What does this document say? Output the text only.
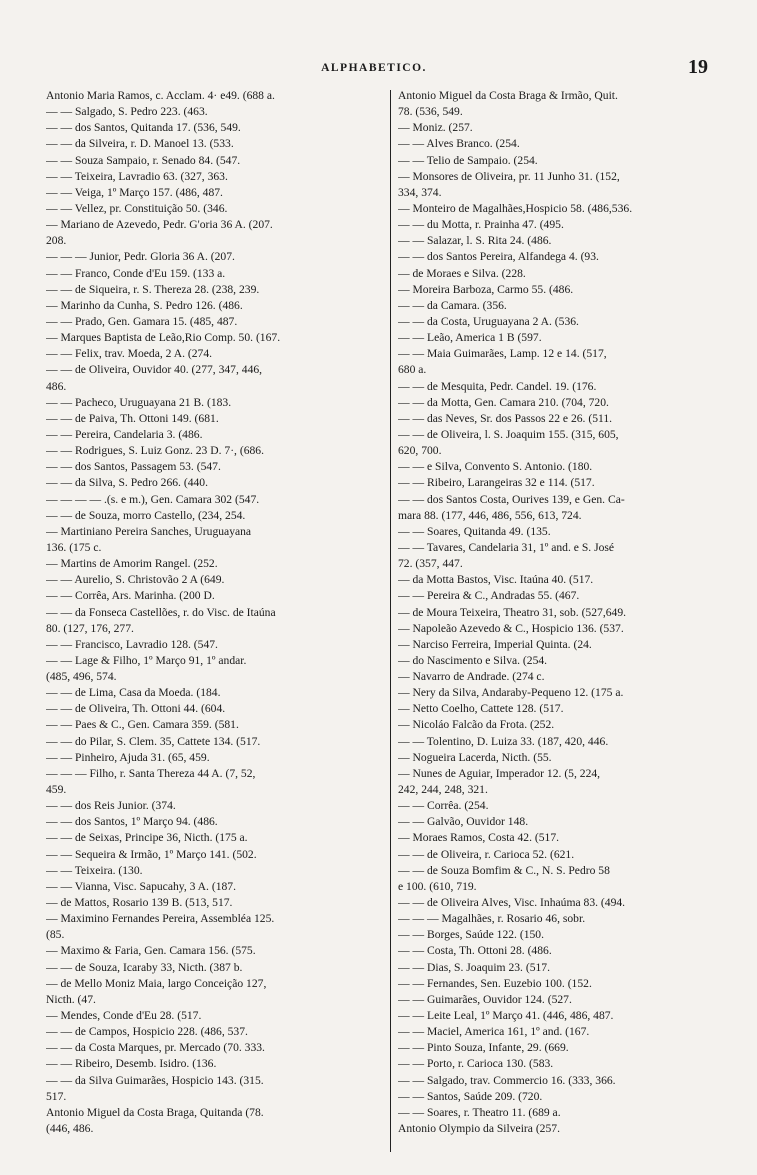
ALPHABETICO.	19
Antonio Maria Ramos, c. Acclam. 4· e49. (688 a.
— — Salgado, S. Pedro 223. (463.
— — dos Santos, Quitanda 17. (536, 549.
— — da Silveira, r. D. Manoel 13. (533.
— — Souza Sampaio, r. Senado 84. (547.
— — Teixeira, Lavradio 63. (327, 363.
— — Veiga, 1º Março 157. (486, 487.
— — Vellez, pr. Constituição 50. (346.
— Mariano de Azevedo, Pedr. G'oria 36 A. (207.
208.
— — — Junior, Pedr. Gloria 36 A. (207.
— — Franco, Conde d'Eu 159. (133 a.
— — de Siqueira, r. S. Thereza 28. (238, 239.
— Marinho da Cunha, S. Pedro 126. (486.
— — Prado, Gen. Gamara 15. (485, 487.
— Marques Baptista de Leão,Rio Comp. 50. (167.
— — Felix, trav. Moeda, 2 A. (274.
— — de Oliveira, Ouvidor 40. (277, 347, 446,
486.
— — Pacheco, Uruguayana 21 B. (183.
— — de Paiva, Th. Ottoni 149. (681.
— — Pereira, Candelaria 3. (486.
— — Rodrigues, S. Luiz Gonz. 23 D. 7·, (686.
— — dos Santos, Passagem 53. (547.
— — da Silva, S. Pedro 266. (440.
— — — — .(s. e m.), Gen. Camara 302 (547.
— — de Souza, morro Castello, (234, 254.
— Martiniano Pereira Sanches, Uruguayana
136. (175 c.
— Martins de Amorim Rangel. (252.
— — Aurelio, S. Christovão 2 A (649.
— — Corrêa, Ars. Marinha. (200 D.
— — da Fonseca Castellões, r. do Visc. de Itaúna
80. (127, 176, 277.
— — Francisco, Lavradio 128. (547.
— — Lage & Filho, 1º Março 91, 1º andar.
(485, 496, 574.
— — de Lima, Casa da Moeda. (184.
— — de Oliveira, Th. Ottoni 44. (604.
— — Paes & C., Gen. Camara 359. (581.
— — do Pilar, S. Clem. 35, Cattete 134. (517.
— — Pinheiro, Ajuda 31. (65, 459.
— — — Filho, r. Santa Thereza 44 A. (7, 52,
459.
— — dos Reis Junior. (374.
— — dos Santos, 1º Março 94. (486.
— — de Seixas, Principe 36, Nicth. (175 a.
— — Sequeira & Irmão, 1º Março 141. (502.
— — Teixeira. (130.
— — Vianna, Visc. Sapucahy, 3 A. (187.
— de Mattos, Rosario 139 B. (513, 517.
— Maximino Fernandes Pereira, Assembléa 125.
(85.
— Maximo & Faria, Gen. Camara 156. (575.
— — de Souza, Icaraby 33, Nicth. (387 b.
— de Mello Moniz Maia, largo Conceição 127,
Nicth. (47.
— Mendes, Conde d'Eu 28. (517.
— — de Campos, Hospicio 228. (486, 537.
— — da Costa Marques, pr. Mercado (70. 333.
— — Ribeiro, Desemb. Isidro. (136.
— — da Silva Guimarães, Hospicio 143. (315.
517.
Antonio Miguel da Costa Braga, Quitanda (78.
(446, 486.
Antonio Miguel da Costa Braga & Irmão, Quit.
78. (536, 549.
— Moniz. (257.
— — Alves Branco. (254.
— — Telio de Sampaio. (254.
— Monsores de Oliveira, pr. 11 Junho 31. (152,
334, 374.
— Monteiro de Magalhães,Hospicio 58. (486,536.
— — du Motta, r. Prainha 47. (495.
— — Salazar, l. S. Rita 24. (486.
— — dos Santos Pereira, Alfandega 4. (93.
— de Moraes e Silva. (228.
— Moreira Barboza, Carmo 55. (486.
— — da Camara. (356.
— — da Costa, Uruguayana 2 A. (536.
— — Leão, America 1 B (597.
— — Maia Guimarães, Lamp. 12 e 14. (517,
680 a.
— — de Mesquita, Pedr. Candel. 19. (176.
— — da Motta, Gen. Camara 210. (704, 720.
— — das Neves, Sr. dos Passos 22 e 26. (511.
— — de Oliveira, l. S. Joaquim 155. (315, 605,
620, 700.
— — e Silva, Convento S. Antonio. (180.
— — Ribeiro, Larangeiras 32 e 114. (517.
— — dos Santos Costa, Ourives 139, e Gen. Ca-
mara 88. (177, 446, 486, 556, 613, 724.
— — Soares, Quitanda 49. (135.
— — Tavares, Candelaria 31, 1º and. e S. José
72. (357, 447.
— da Motta Bastos, Visc. Itaúna 40. (517.
— — Pereira & C., Andradas 55. (467.
— de Moura Teixeira, Theatro 31, sob. (527,649.
— Napoleão Azevedo & C., Hospicio 136. (537.
— Narciso Ferreira, Imperial Quinta. (24.
— do Nascimento e Silva. (254.
— Navarro de Andrade. (274 c.
— Nery da Silva, Andaraby-Pequeno 12. (175 a.
— Netto Coelho, Cattete 128. (517.
— Nicoláo Falcão da Frota. (252.
— — Tolentino, D. Luiza 33. (187, 420, 446.
— Nogueira Lacerda, Nicth. (55.
— Nunes de Aguiar, Imperador 12. (5, 224,
242, 244, 248, 321.
— — Corrêa. (254.
— — Galvão, Ouvidor 148.
— Moraes Ramos, Costa 42. (517.
— — de Oliveira, r. Carioca 52. (621.
— — de Souza Bomfim & C., N. S. Pedro 58
e 100. (610, 719.
— — de Oliveira Alves, Visc. Inhaúma 83. (494.
— — — Magalhães, r. Rosario 46, sobr.
— — Borges, Saúde 122. (150.
— — Costa, Th. Ottoni 28. (486.
— — Dias, S. Joaquim 23. (517.
— — Fernandes, Sen. Euzebio 100. (152.
— — Guimarães, Ouvidor 124. (527.
— — Leite Leal, 1º Março 41. (446, 486, 487.
— — Maciel, America 161, 1º and. (167.
— — Pinto Souza, Infante, 29. (669.
— — Porto, r. Carioca 130. (583.
— — Salgado, trav. Commercio 16. (333, 366.
— — Santos, Saúde 209. (720.
— — Soares, r. Theatro 11. (689 a.
Antonio Olympio da Silveira (257.
